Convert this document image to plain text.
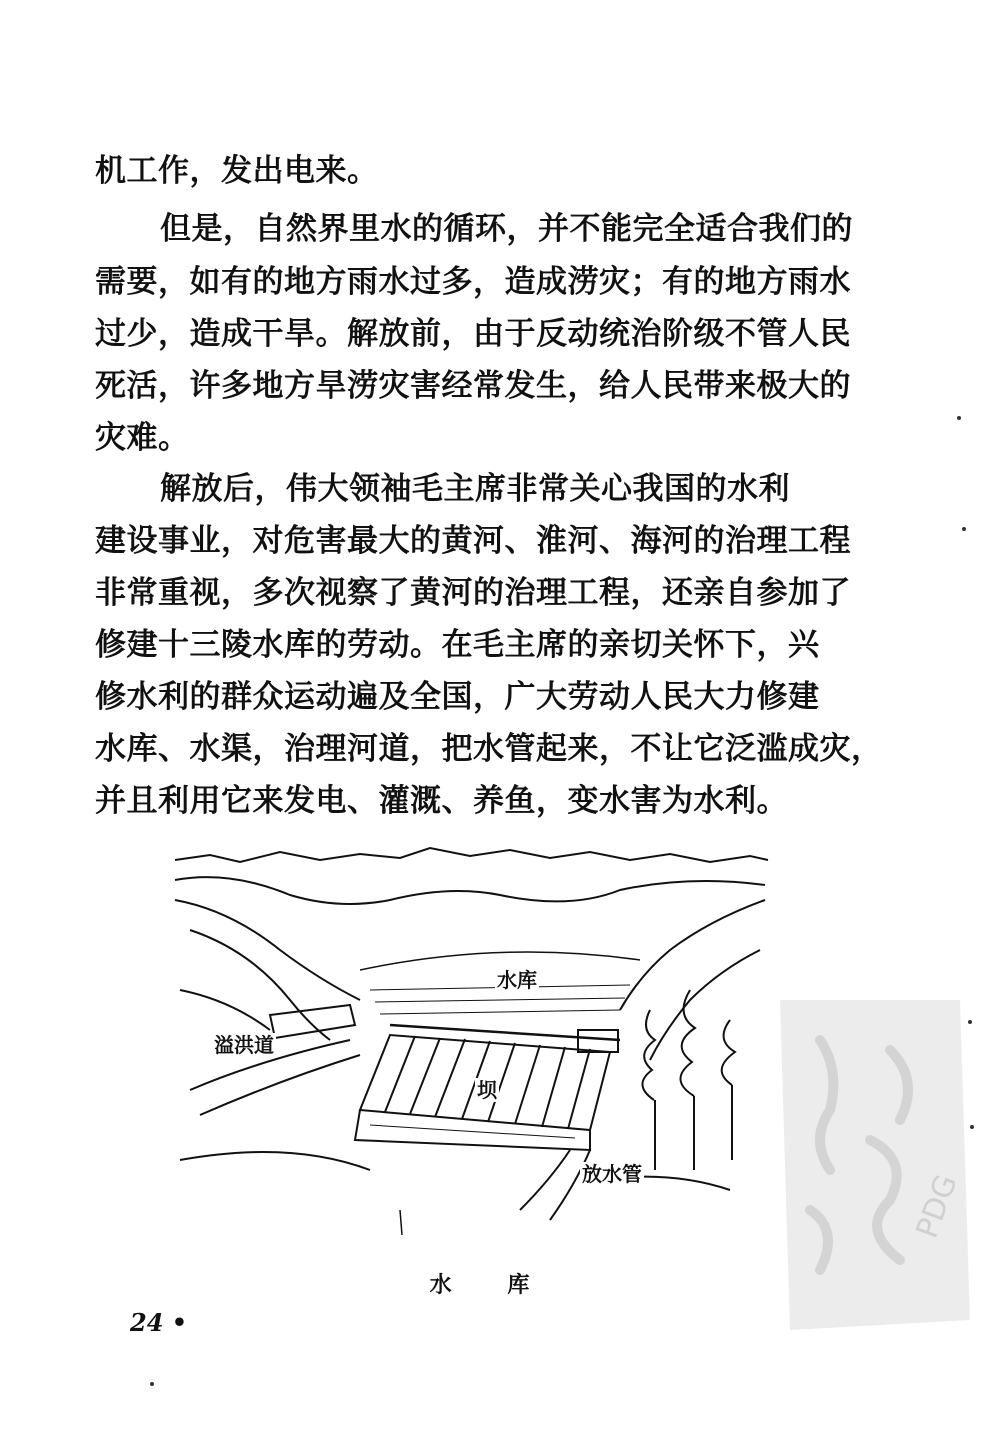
机工作，发出电来。
但是，自然界里水的循环，并不能完全适合我们的
需要，如有的地方雨水过多，造成涝灾；有的地方雨水
过少，造成干旱。解放前，由于反动统治阶级不管人民
死活，许多地方旱涝灾害经常发生，给人民带来极大的
灾难。
解放后，伟大领袖毛主席非常关心我国的水利
建设事业，对危害最大的黄河、淮河、海河的治理工程
非常重视，多次视察了黄河的治理工程，还亲自参加了
修建十三陵水库的劳动。在毛主席的亲切关怀下，兴
修水利的群众运动遍及全国，广大劳动人民大力修建
水库、水渠，治理河道，把水管起来，不让它泛滥成灾，
并且利用它来发电、灌溉、养鱼，变水害为水利。
水库
溢洪道
坝
放水管
水 库
24 •
PDG
